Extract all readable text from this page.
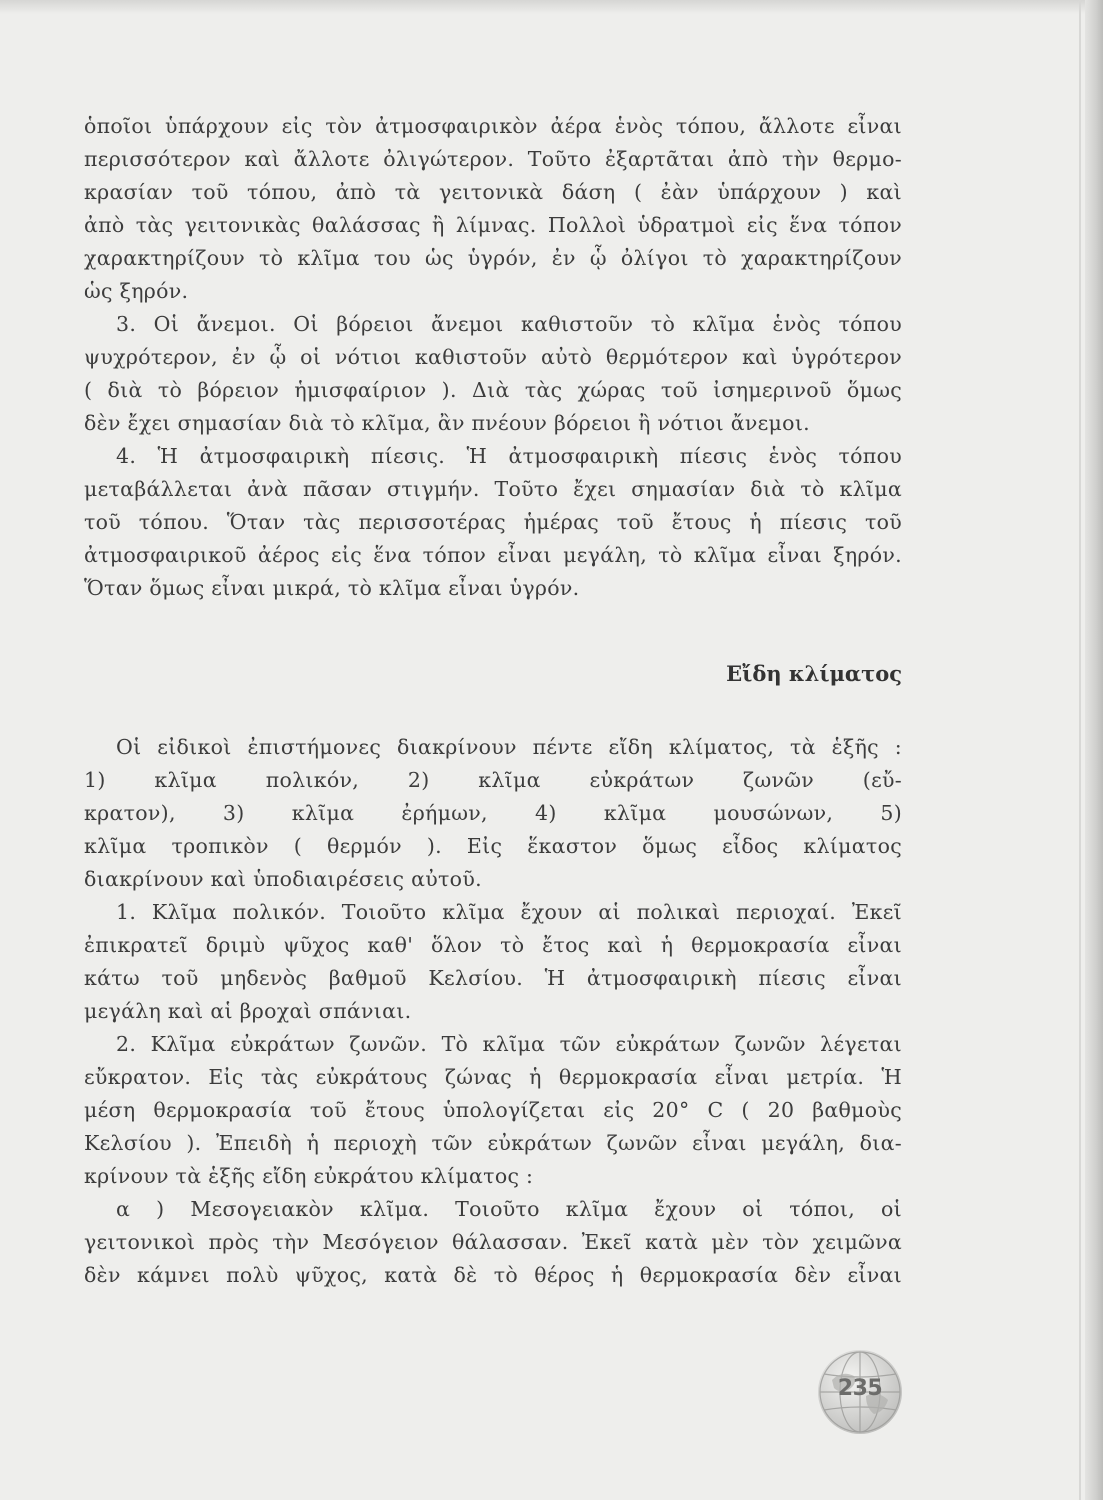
ὁποῖοι ὑπάρχουν εἰς τὸν ἀτμοσφαιρικὸν ἀέρα ἑνὸς τόπου, ἄλλοτε εἶναι
περισσότερον καὶ ἄλλοτε ὀλιγώτερον. Τοῦτο ἐξαρτᾶται ἀπὸ τὴν θερμο-
κρασίαν τοῦ τόπου, ἀπὸ τὰ γειτονικὰ δάση ( ἐὰν ὑπάρχουν ) καὶ
ἀπὸ τὰς γειτονικὰς θαλάσσας ἢ λίμνας. Πολλοὶ ὑδρατμοὶ εἰς ἕνα τόπον
χαρακτηρίζουν τὸ κλῖμα του ὡς ὑγρόν, ἐν ᾧ ὀλίγοι τὸ χαρακτηρίζουν
ὡς ξηρόν.
3. Οἱ ἄνεμοι. Οἱ βόρειοι ἄνεμοι καθιστοῦν τὸ κλῖμα ἑνὸς τόπου
ψυχρότερον, ἐν ᾧ οἱ νότιοι καθιστοῦν αὐτὸ θερμότερον καὶ ὑγρότερον
( διὰ τὸ βόρειον ἡμισφαίριον ). Διὰ τὰς χώρας τοῦ ἰσημερινοῦ ὅμως
δὲν ἔχει σημασίαν διὰ τὸ κλῖμα, ἂν πνέουν βόρειοι ἢ νότιοι ἄνεμοι.
4. Ἡ ἀτμοσφαιρικὴ πίεσις. Ἡ ἀτμοσφαιρικὴ πίεσις ἑνὸς τόπου
μεταβάλλεται ἀνὰ πᾶσαν στιγμήν. Τοῦτο ἔχει σημασίαν διὰ τὸ κλῖμα
τοῦ τόπου. Ὅταν τὰς περισσοτέρας ἡμέρας τοῦ ἔτους ἡ πίεσις τοῦ
ἀτμοσφαιρικοῦ ἀέρος εἰς ἕνα τόπον εἶναι μεγάλη, τὸ κλῖμα εἶναι ξηρόν.
Ὅταν ὅμως εἶναι μικρά, τὸ κλῖμα εἶναι ὑγρόν.
Εἴδη κλίματος
Οἱ εἰδικοὶ ἐπιστήμονες διακρίνουν πέντε εἴδη κλίματος, τὰ ἑξῆς :
1) κλῖμα πολικόν, 2) κλῖμα εὐκράτων ζωνῶν (εὔ-
κρατον), 3) κλῖμα ἐρήμων, 4) κλῖμα μουσώνων, 5)
κλῖμα τροπικὸν ( θερμόν ). Εἰς ἕκαστον ὅμως εἶδος κλίματος
διακρίνουν καὶ ὑποδιαιρέσεις αὐτοῦ.
1. Κλῖμα πολικόν. Τοιοῦτο κλῖμα ἔχουν αἱ πολικαὶ περιοχαί. Ἐκεῖ
ἐπικρατεῖ δριμὺ ψῦχος καθ' ὅλον τὸ ἔτος καὶ ἡ θερμοκρασία εἶναι
κάτω τοῦ μηδενὸς βαθμοῦ Κελσίου. Ἡ ἀτμοσφαιρικὴ πίεσις εἶναι
μεγάλη καὶ αἱ βροχαὶ σπάνιαι.
2. Κλῖμα εὐκράτων ζωνῶν. Τὸ κλῖμα τῶν εὐκράτων ζωνῶν λέγεται
εὔκρατον. Εἰς τὰς εὐκράτους ζώνας ἡ θερμοκρασία εἶναι μετρία. Ἡ
μέση θερμοκρασία τοῦ ἔτους ὑπολογίζεται εἰς 20° C ( 20 βαθμοὺς
Κελσίου ). Ἐπειδὴ ἡ περιοχὴ τῶν εὐκράτων ζωνῶν εἶναι μεγάλη, δια-
κρίνουν τὰ ἑξῆς εἴδη εὐκράτου κλίματος :
α ) Μεσογειακὸν κλῖμα. Τοιοῦτο κλῖμα ἔχουν οἱ τόποι, οἱ
γειτονικοὶ πρὸς τὴν Μεσόγειον θάλασσαν. Ἐκεῖ κατὰ μὲν τὸν χειμῶνα
δὲν κάμνει πολὺ ψῦχος, κατὰ δὲ τὸ θέρος ἡ θερμοκρασία δὲν εἶναι
235
